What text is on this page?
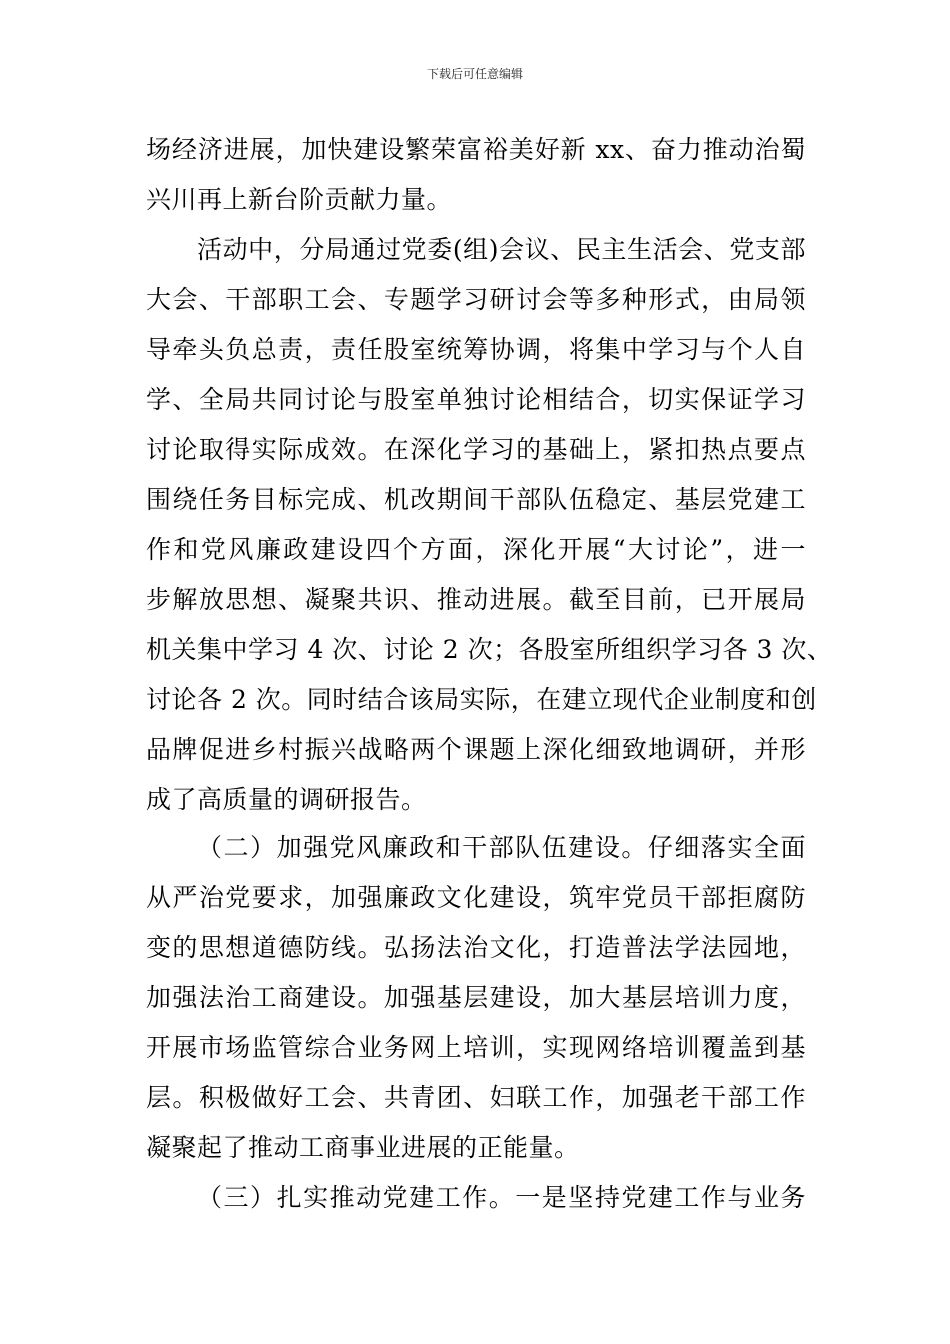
下载后可任意编辑
场经济进展，加快建设繁荣富裕美好新 xx、奋力推动治蜀
兴川再上新台阶贡献力量。
活动中，分局通过党委(组)会议、民主生活会、党支部
大会、干部职工会、专题学习研讨会等多种形式，由局领
导牵头负总责，责任股室统筹协调，将集中学习与个人自
学、全局共同讨论与股室单独讨论相结合，切实保证学习
讨论取得实际成效。在深化学习的基础上，紧扣热点要点
围绕任务目标完成、机改期间干部队伍稳定、基层党建工
作和党风廉政建设四个方面，深化开展“大讨论”，进一
步解放思想、凝聚共识、推动进展。截至目前，已开展局
机关集中学习 4 次、讨论 2 次；各股室所组织学习各 3 次、
讨论各 2 次。同时结合该局实际，在建立现代企业制度和创
品牌促进乡村振兴战略两个课题上深化细致地调研，并形
成了高质量的调研报告。
（二）加强党风廉政和干部队伍建设。仔细落实全面
从严治党要求，加强廉政文化建设，筑牢党员干部拒腐防
变的思想道德防线。弘扬法治文化，打造普法学法园地，
加强法治工商建设。加强基层建设，加大基层培训力度，
开展市场监管综合业务网上培训，实现网络培训覆盖到基
层。积极做好工会、共青团、妇联工作，加强老干部工作
凝聚起了推动工商事业进展的正能量。
（三）扎实推动党建工作。一是坚持党建工作与业务
